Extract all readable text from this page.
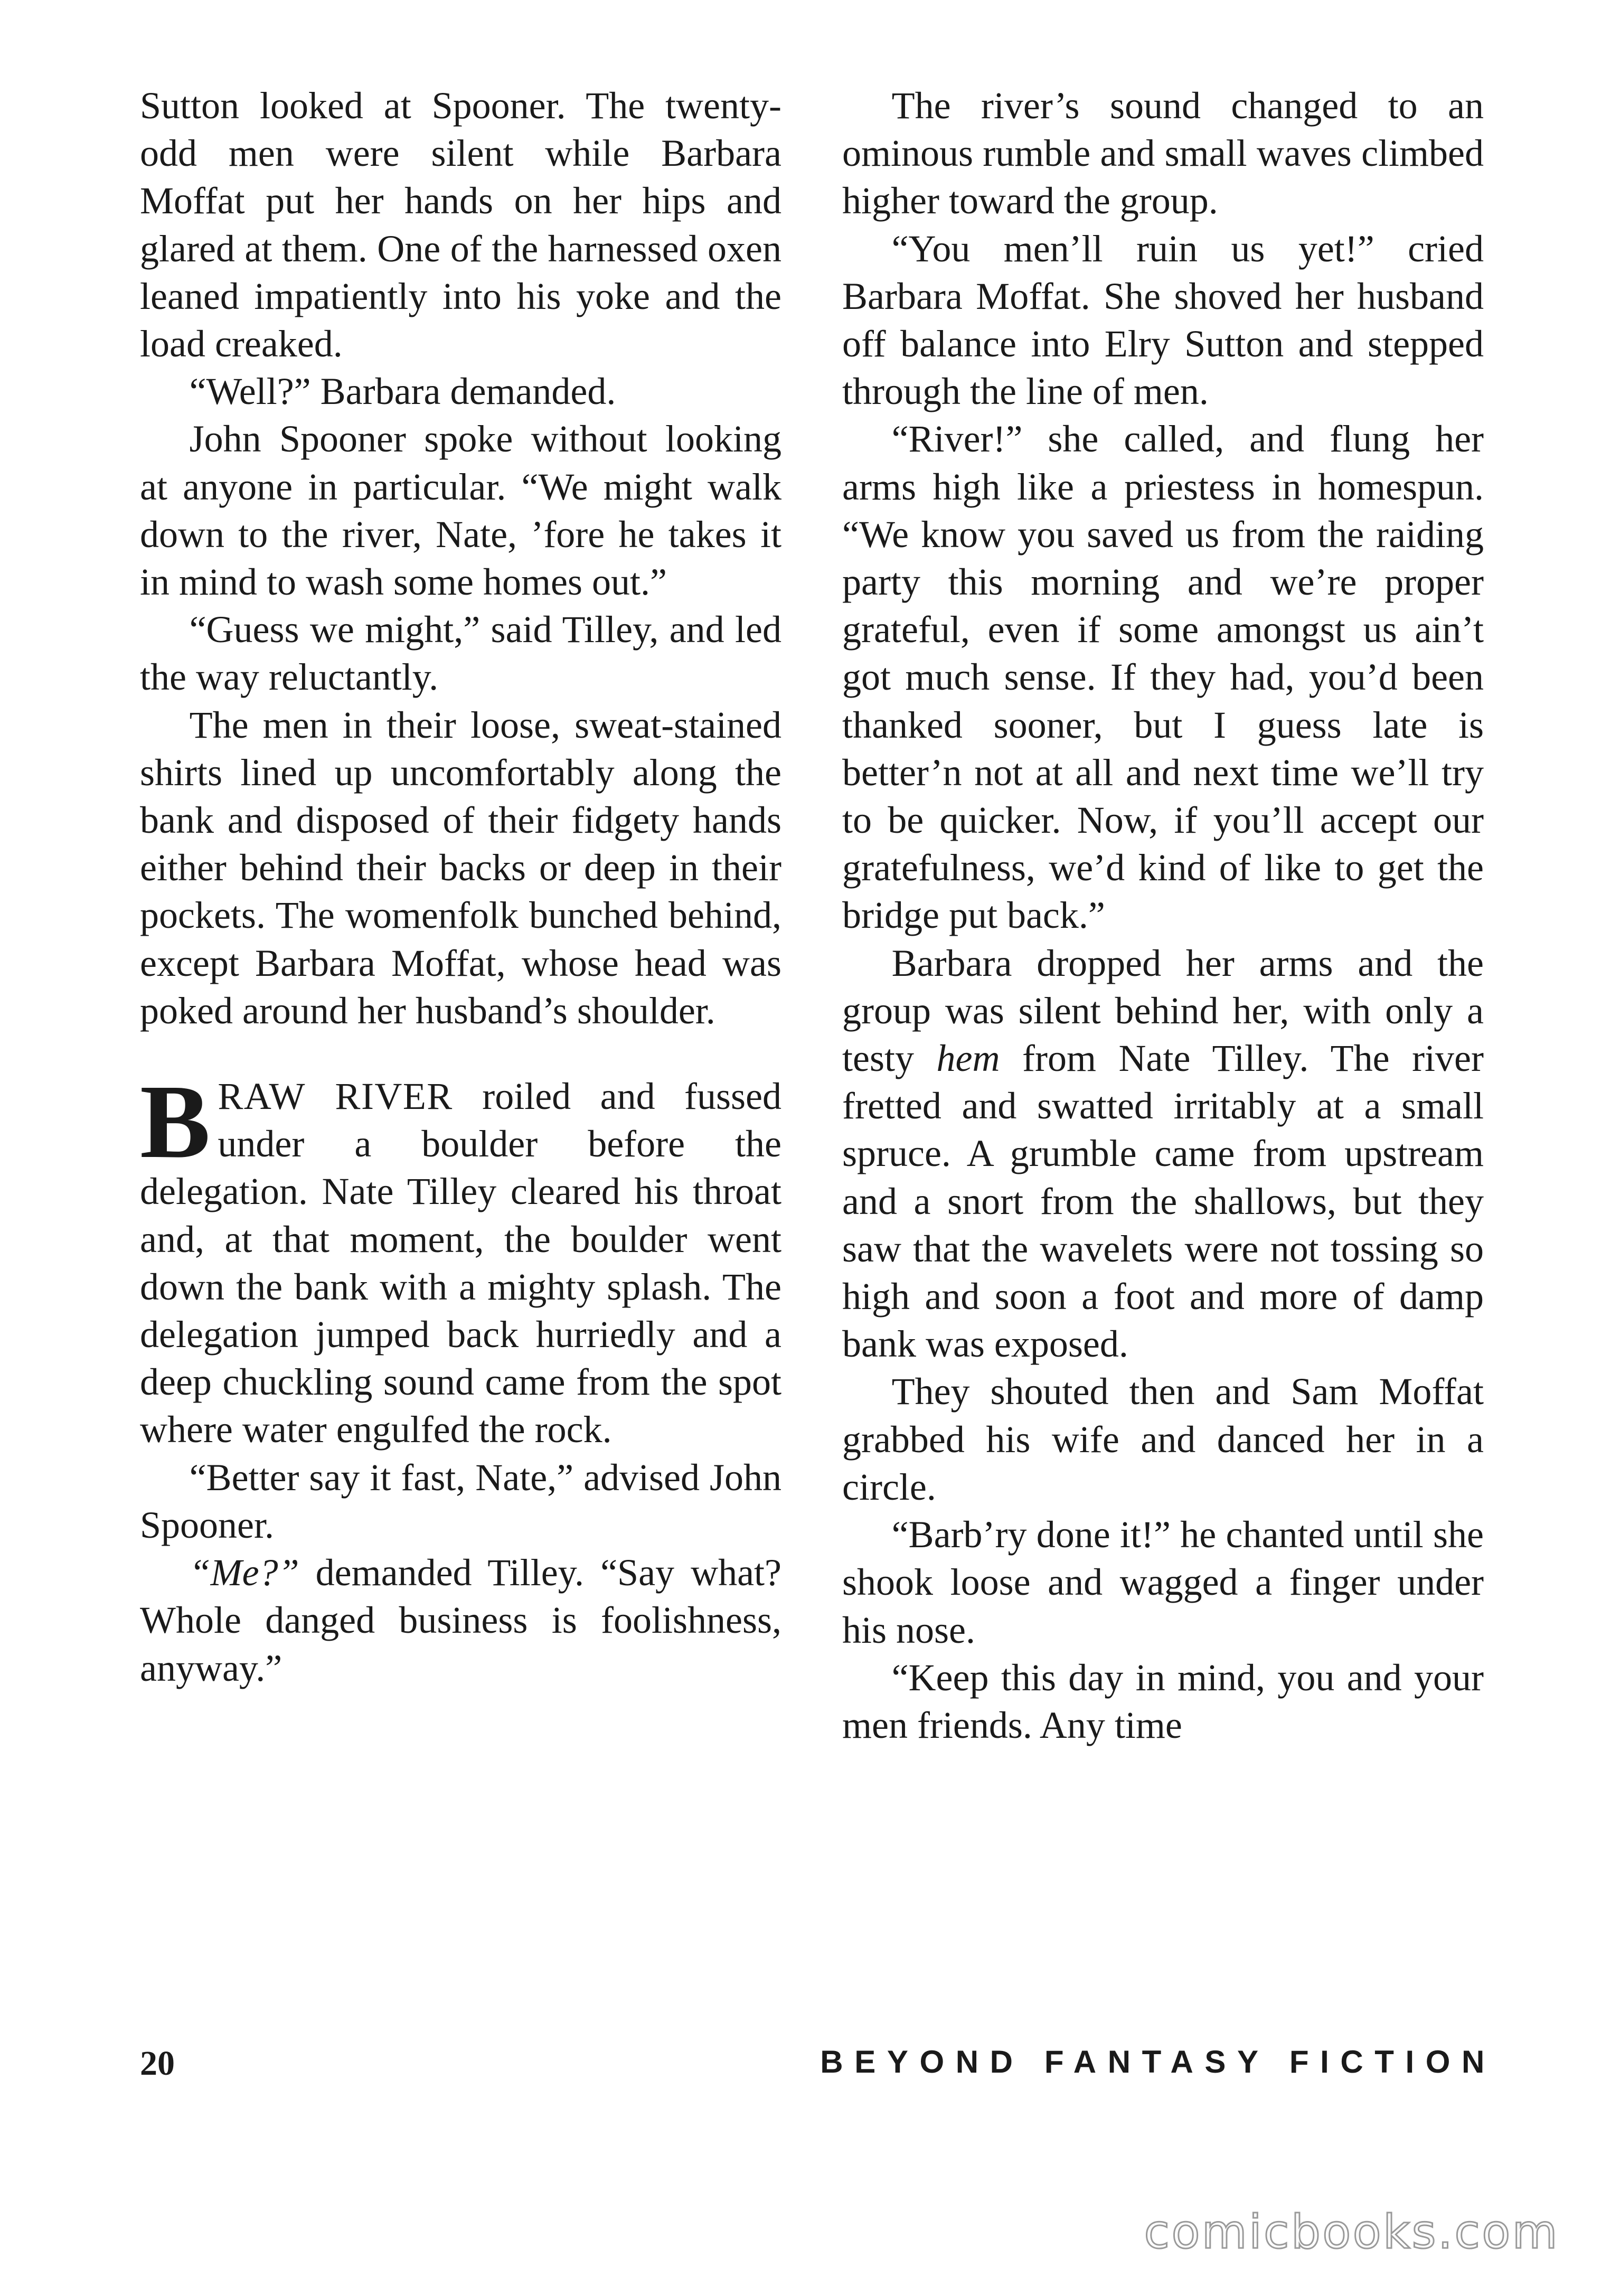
Sutton looked at Spooner. The twenty-odd men were silent while Barbara Moffat put her hands on her hips and glared at them. One of the harnessed oxen leaned impatiently into his yoke and the load creaked.

“Well?” Barbara demanded.

John Spooner spoke without looking at anyone in particular. “We might walk down to the river, Nate, ’fore he takes it in mind to wash some homes out.”

“Guess we might,” said Tilley, and led the way reluctantly.

The men in their loose, sweat-stained shirts lined up uncomfortably along the bank and disposed of their fidgety hands either behind their backs or deep in their pockets. The womenfolk bunched behind, except Barbara Moffat, whose head was poked around her husband’s shoulder.

BRAW RIVER roiled and fussed under a boulder before the delegation. Nate Tilley cleared his throat and, at that moment, the boulder went down the bank with a mighty splash. The delegation jumped back hurriedly and a deep chuckling sound came from the spot where water engulfed the rock.

“Better say it fast, Nate,” advised John Spooner.

“Me?” demanded Tilley. “Say what? Whole danged business is foolishness, anyway.”

The river’s sound changed to an ominous rumble and small waves climbed higher toward the group.

“You men’ll ruin us yet!” cried Barbara Moffat. She shoved her husband off balance into Elry Sutton and stepped through the line of men.

“River!” she called, and flung her arms high like a priestess in homespun. “We know you saved us from the raiding party this morning and we’re proper grateful, even if some amongst us ain’t got much sense. If they had, you’d been thanked sooner, but I guess late is better’n not at all and next time we’ll try to be quicker. Now, if you’ll accept our gratefulness, we’d kind of like to get the bridge put back.”

Barbara dropped her arms and the group was silent behind her, with only a testy hem from Nate Tilley. The river fretted and swatted irritably at a small spruce. A grumble came from upstream and a snort from the shallows, but they saw that the wavelets were not tossing so high and soon a foot and more of damp bank was exposed.

They shouted then and Sam Moffat grabbed his wife and danced her in a circle.

“Barb’ry done it!” he chanted until she shook loose and wagged a finger under his nose.

“Keep this day in mind, you and your men friends. Any time

20	BEYOND FANTASY FICTION
comicbooks.com
